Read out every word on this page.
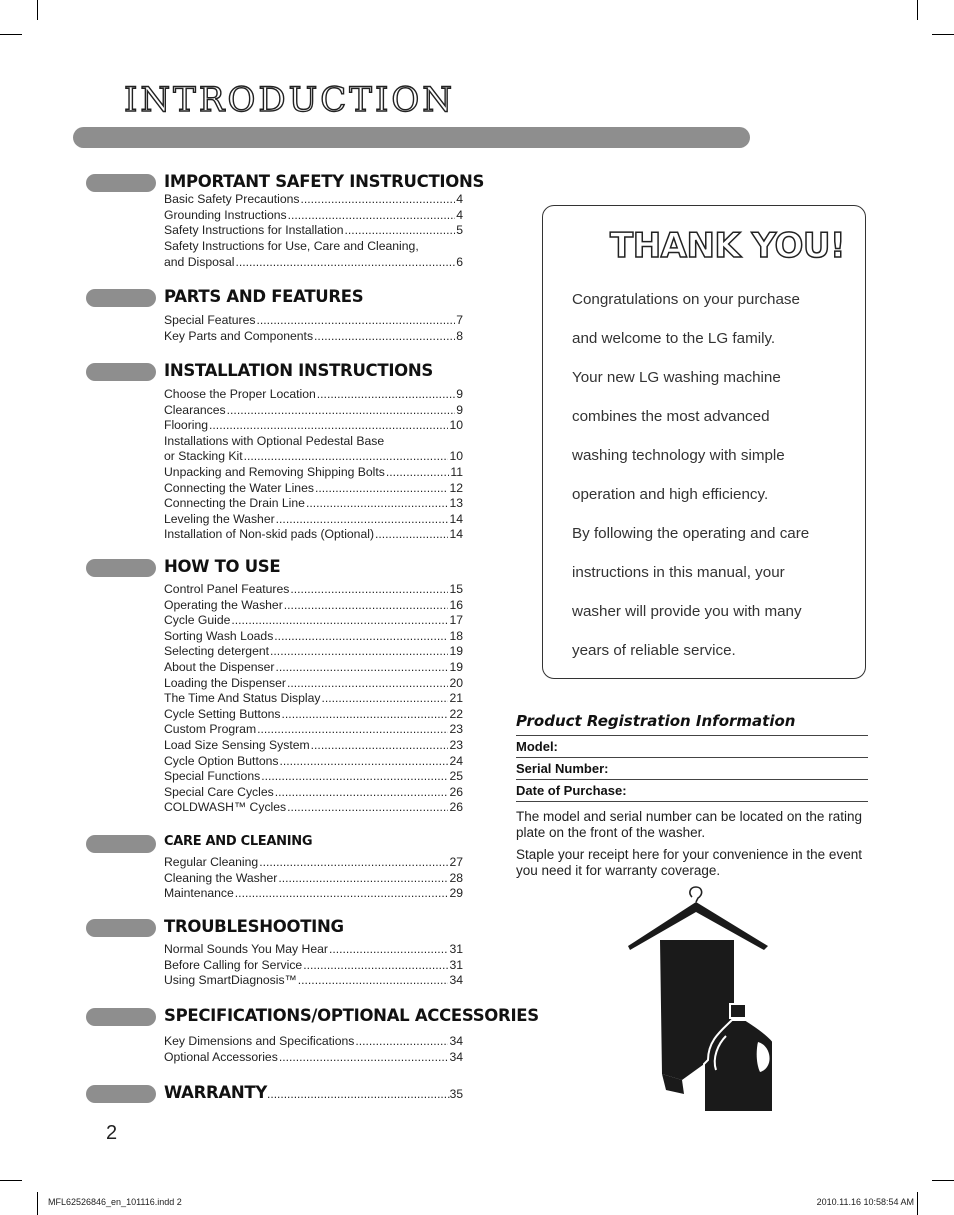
INTRODUCTION
IMPORTANT SAFETY INSTRUCTIONS
Basic Safety Precautions .....	4
Grounding Instructions .....	4
Safety Instructions for Installation .....	5
Safety Instructions for Use, Care and Cleaning,
and Disposal .....	6
PARTS AND FEATURES
Special Features .....	7
Key Parts and Components .....	8
INSTALLATION INSTRUCTIONS
Choose the Proper Location .....	9
Clearances .....	9
Flooring .....	10
Installations with Optional Pedestal Base
or Stacking Kit .....	10
Unpacking and Removing Shipping Bolts .....	11
Connecting the Water Lines .....	12
Connecting the Drain Line .....	13
Leveling the Washer .....	14
Installation of Non-skid pads (Optional) .....	14
HOW TO USE
Control Panel Features .....	15
Operating the Washer .....	16
Cycle Guide .....	17
Sorting Wash Loads .....	18
Selecting detergent .....	19
About the Dispenser .....	19
Loading the Dispenser .....	20
The Time And Status Display .....	21
Cycle Setting Buttons .....	22
Custom Program .....	23
Load Size Sensing System .....	23
Cycle Option Buttons .....	24
Special Functions .....	25
Special Care Cycles .....	26
COLDWASH™ Cycles .....	26
CARE AND CLEANING
Regular Cleaning .....	27
Cleaning the Washer .....	28
Maintenance .....	29
TROUBLESHOOTING
Normal Sounds You May Hear .....	31
Before Calling for Service .....	31
Using SmartDiagnosis™ .....	34
SPECIFICATIONS/OPTIONAL ACCESSORIES
Key Dimensions and Specifications .....	34
Optional Accessories .....	34
WARRANTY .....	35

2

THANK YOU!
Congratulations on your purchase
and welcome to the LG family.
Your new LG washing machine
combines the most advanced
washing technology with simple
operation and high efficiency.
By following the operating and care
instructions in this manual, your
washer will provide you with many
years of reliable service.
Product Registration Information
Model:
Serial Number:
Date of Purchase:

The model and serial number can be located on the rating plate on the front of the washer.

Staple your receipt here for your convenience in the event you need it for warranty coverage.

MFL62526846_en_101116.indd 2	2010.11.16 10:58:54 AM
